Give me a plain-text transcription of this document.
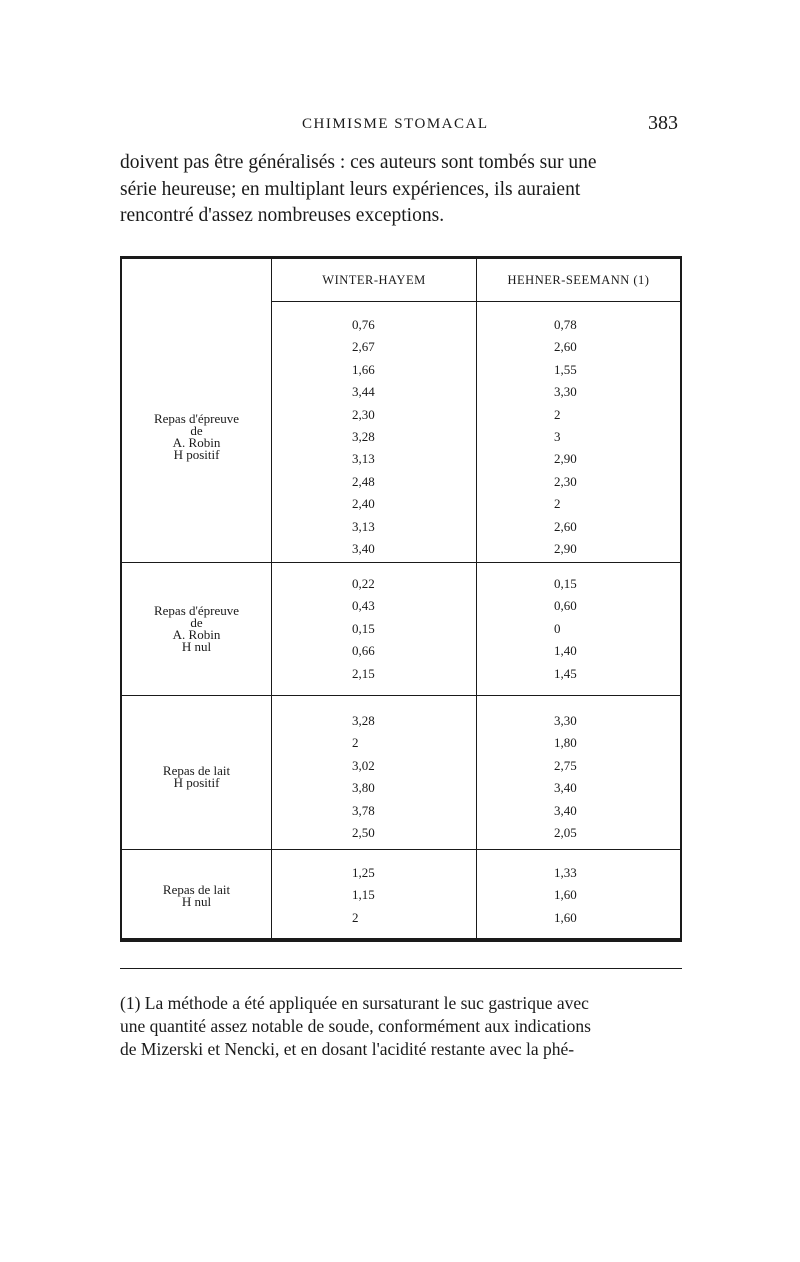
CHIMISME STOMACAL	383
doivent pas être généralisés : ces auteurs sont tombés sur une
série heureuse; en multiplant leurs expériences, ils auraient
rencontré d'assez nombreuses exceptions.
WINTER-HAYEM	HEHNER-SEEMANN (1)
Repas d'épreuve
de
A. Robin
H positif
0,76
2,67
1,66
3,44
2,30
3,28
3,13
2,48
2,40
3,13
3,40
0,78
2,60
1,55
3,30
2
3
2,90
2,30
2
2,60
2,90
Repas d'épreuve
de
A. Robin
H nul
0,22
0,43
0,15
0,66
2,15
0,15
0,60
0
1,40
1,45
Repas de lait
H positif
3,28
2
3,02
3,80
3,78
2,50
3,30
1,80
2,75
3,40
3,40
2,05
Repas de lait
H nul
1,25
1,15
2
1,33
1,60
1,60
(1) La méthode a été appliquée en sursaturant le suc gastrique avec
une quantité assez notable de soude, conformément aux indications
de Mizerski et Nencki, et en dosant l'acidité restante avec la phé-
